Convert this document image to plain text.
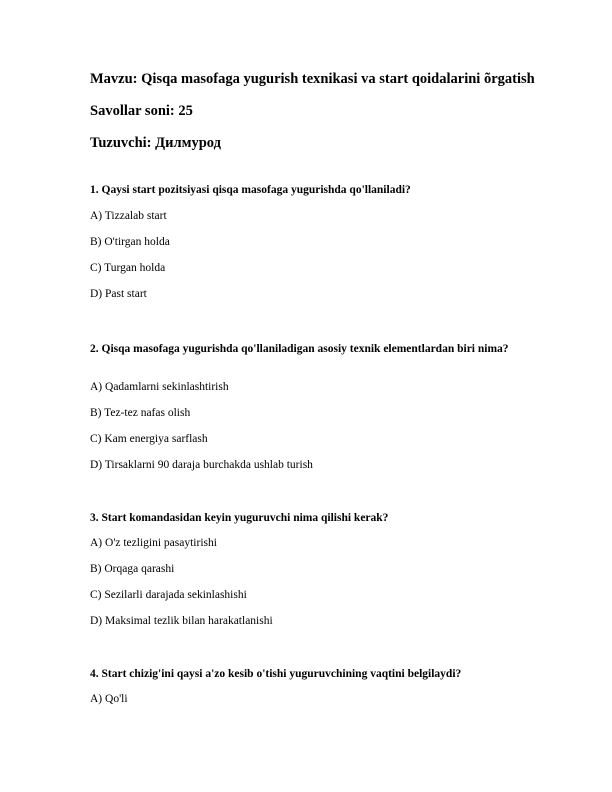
Mavzu: Qisqa masofaga yugurish texnikasi va start qoidalarini õrgatish
Savollar soni: 25
Tuzuvchi: Дилмурод
1. Qaysi start pozitsiyasi qisqa masofaga yugurishda qo'llaniladi?
A) Tizzalab start
B) O'tirgan holda
C) Turgan holda
D) Past start
2. Qisqa masofaga yugurishda qo'llaniladigan asosiy texnik elementlardan biri nima?
A) Qadamlarni sekinlashtirish
B) Tez-tez nafas olish
C) Kam energiya sarflash
D) Tirsaklarni 90 daraja burchakda ushlab turish
3. Start komandasidan keyin yuguruvchi nima qilishi kerak?
A) O'z tezligini pasaytirishi
B) Orqaga qarashi
C) Sezilarli darajada sekinlashishi
D) Maksimal tezlik bilan harakatlanishi
4. Start chizig'ini qaysi a'zo kesib o'tishi yuguruvchining vaqtini belgilaydi?
A) Qo'li
